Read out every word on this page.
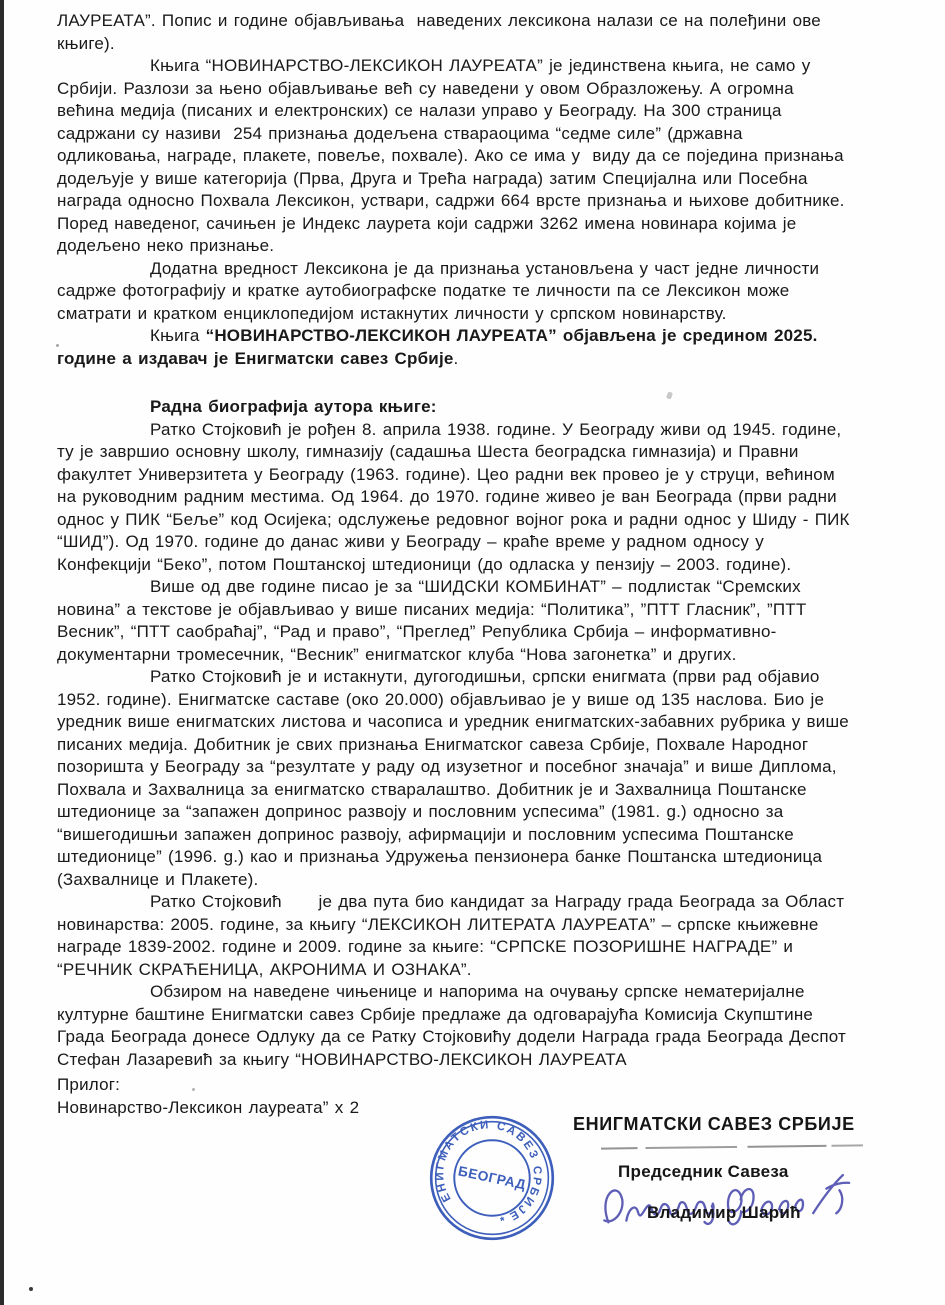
ЛАУРЕАТА”. Попис и године објављивања  наведених лексикона налази се на полеђини ове
књиге).
Књига “НОВИНАРСТВО-ЛЕКСИКОН ЛАУРЕАТА” је јединствена књига, не само у
Србији. Разлози за њено објављивање већ су наведени у овом Образложењу. А огромна
већина медија (писаних и електронских) се налази управо у Београду. На 300 страница
садржани су називи  254 признања додељена ствараоцима “седме силе” (државна
одликовања, награде, плакете, повеље, похвале). Ако се има у  виду да се поједина признања
додељује у више категорија (Прва, Друга и Трећа награда) затим Специјална или Посебна
награда односно Похвала Лексикон, уствари, садржи 664 врсте признања и њихове добитнике.
Поред наведеног, сачињен је Индекс лаурета који садржи 3262 имена новинара којима је
додељено неко признање.
Додатна вредност Лексикона је да признања установљена у част једне личности
садрже фотографију и кратке аутобиографске податке те личности па се Лексикон може
сматрати и кратком енциклопедијом истакнутих личности у српском новинарству.
Књига “НОВИНАРСТВО-ЛЕКСИКОН ЛАУРЕАТА” објављена је средином 2025.
године а издавач је Енигматски савез Србије.
Радна биографија аутора књиге:
Ратко Стојковић је рођен 8. априла 1938. године. У Београду живи од 1945. године,
ту је завршио основну школу, гимназију (садашња Шеста београдска гимназија) и Правни
факултет Универзитета у Београду (1963. године). Цео радни век провео је у струци, већином
на руководним радним местима. Од 1964. до 1970. године живео је ван Београда (први радни
однос у ПИК “Беље” код Осијека; одслужење редовног војног рока и радни однос у Шиду - ПИК
“ШИД”). Од 1970. године до данас живи у Београду – краће време у радном односу у
Конфекцији “Беко”, потом Поштанској штедионици (до одласка у пензију – 2003. године).
Више од две године писао је за “ШИДСКИ КОМБИНАТ” – подлистак “Сремских
новина” а текстове је објављивао у више писаних медија: “Политика”, ”ПТТ Гласник”, ”ПТТ
Весник”, “ПТТ саобраћај”, “Рад и право”, “Преглед” Република Србија – информативно-
документарни тромесечник, “Весник” енигматског клуба “Нова загонетка” и других.
Ратко Стојковић је и истакнути, дугогодишњи, српски енигмата (први рад објавио
1952. године). Енигматске саставе (око 20.000) објављивао је у више од 135 наслова. Био је
уредник више енигматских листова и часописа и уредник енигматских-забавних рубрика у више
писаних медија. Добитник је свих признања Енигматског савеза Србије, Похвале Народног
позоришта у Београду за “резултате у раду од изузетног и посебног значаја” и више Диплома,
Похвала и Захвалница за енигматско стваралаштво. Добитник је и Захвалница Поштанске
штедионице за “запажен допринос развоју и пословним успесима” (1981. g.) односно за
“вишегодишњи запажен допринос развоју, афирмацији и пословним успесима Поштанске
штедионице” (1996. g.) као и признања Удружења пензионера банке Поштанска штедионица
(Захвалнице и Плакете).
Ратко Стојковић      је два пута био кандидат за Награду града Београда за Област
новинарства: 2005. године, за књигу “ЛЕКСИКОН ЛИТЕРАТА ЛАУРЕАТА” – српске књижевне
награде 1839-2002. године и 2009. године за књиге: “СРПСКЕ ПОЗОРИШНЕ НАГРАДЕ” и
“РЕЧНИК СКРАЋЕНИЦА, АКРОНИМА И ОЗНАКА”.
Обзиром на наведене чињенице и напорима на очувању српске нематеријалне
културне баштине Енигматски савез Србије предлаже да одговарајућа Комисија Скупштине
Града Београда донесе Одлуку да се Ратку Стојковићу додели Награда града Београда Деспот
Стефан Лазаревић за књигу “НОВИНАРСТВО-ЛЕКСИКОН ЛАУРЕАТА
Прилог:
Новинарство-Лексикон лауреата” х 2
ЕНИГМАТСКИ САВЕЗ СРБИЈЕ
*
БЕОГРАД
ЕНИГМАТСКИ САВЕЗ СРБИЈЕ
Председник Савеза
Владимир Шарић
